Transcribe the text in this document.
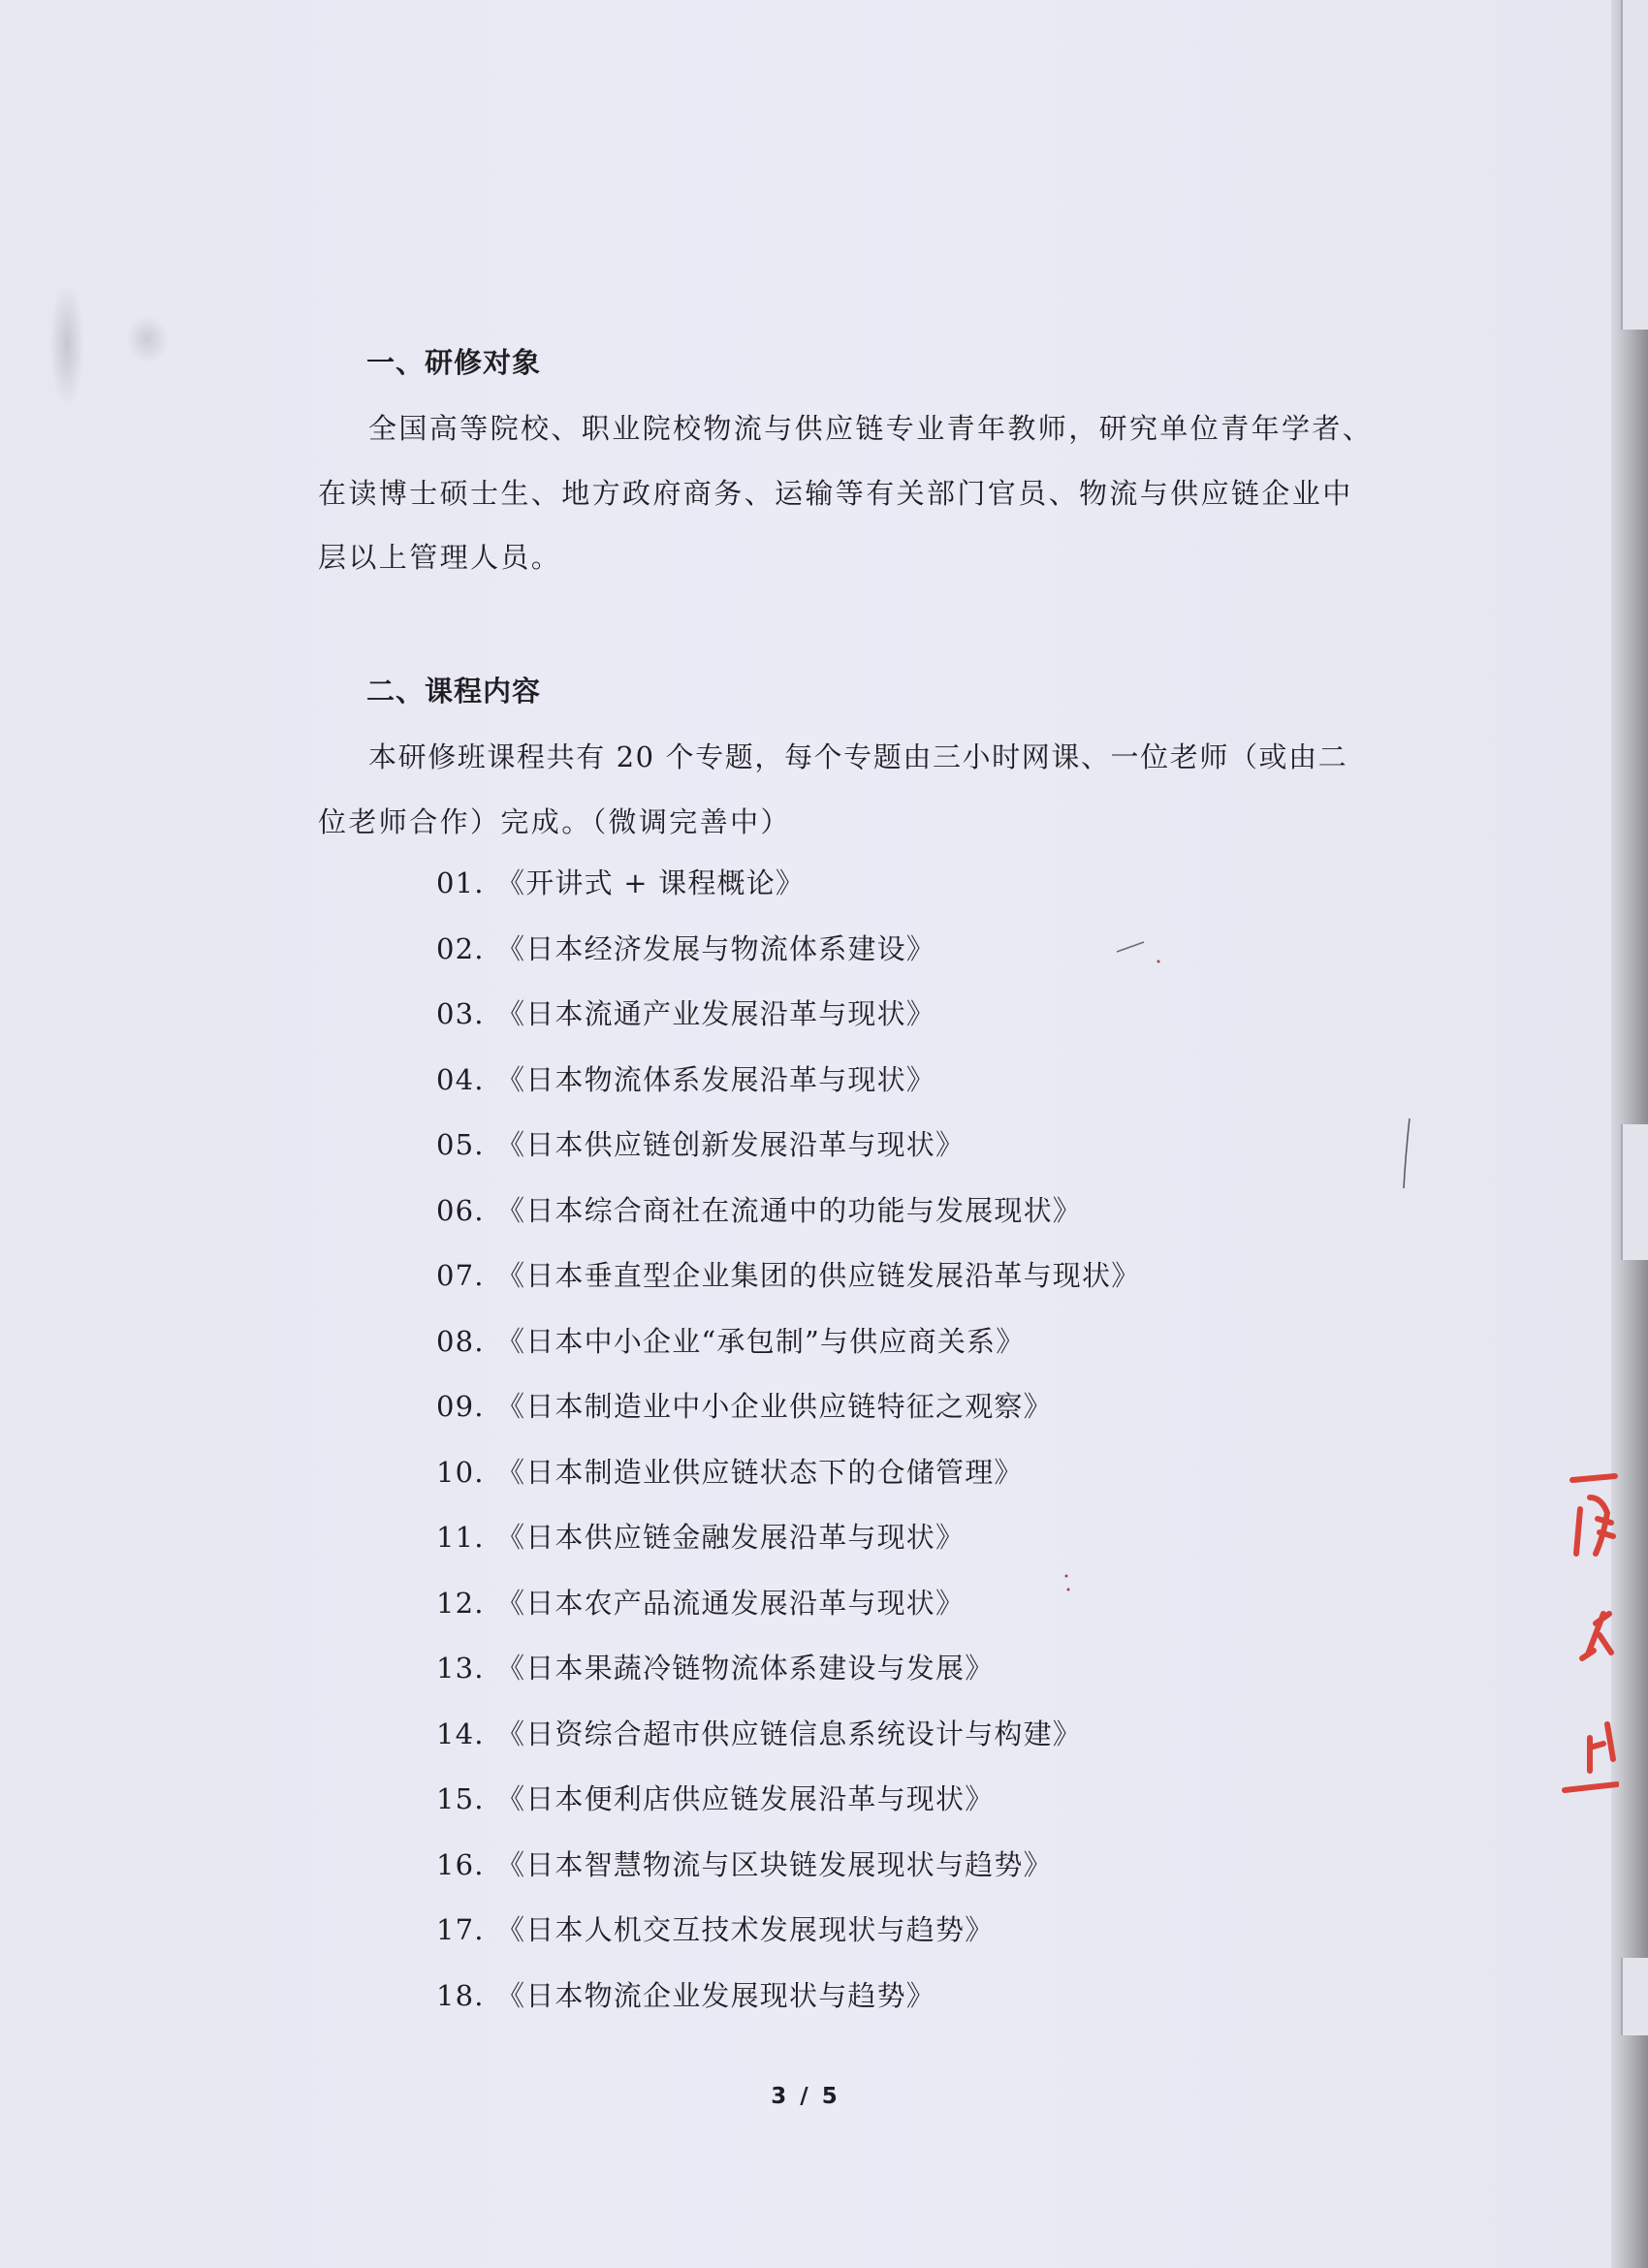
一、研修对象
全国高等院校、职业院校物流与供应链专业青年教师，研究单位青年学者、
在读博士硕士生、地方政府商务、运输等有关部门官员、物流与供应链企业中
层以上管理人员。
二、课程内容
本研修班课程共有 20 个专题，每个专题由三小时网课、一位老师（或由二
位老师合作）完成。（微调完善中）
01. 《开讲式 + 课程概论》
02. 《日本经济发展与物流体系建设》
03. 《日本流通产业发展沿革与现状》
04. 《日本物流体系发展沿革与现状》
05. 《日本供应链创新发展沿革与现状》
06. 《日本综合商社在流通中的功能与发展现状》
07. 《日本垂直型企业集团的供应链发展沿革与现状》
08. 《日本中小企业“承包制”与供应商关系》
09. 《日本制造业中小企业供应链特征之观察》
10. 《日本制造业供应链状态下的仓储管理》
11. 《日本供应链金融发展沿革与现状》
12. 《日本农产品流通发展沿革与现状》
13. 《日本果蔬冷链物流体系建设与发展》
14. 《日资综合超市供应链信息系统设计与构建》
15. 《日本便利店供应链发展沿革与现状》
16. 《日本智慧物流与区块链发展现状与趋势》
17. 《日本人机交互技术发展现状与趋势》
18. 《日本物流企业发展现状与趋势》
3 / 5
